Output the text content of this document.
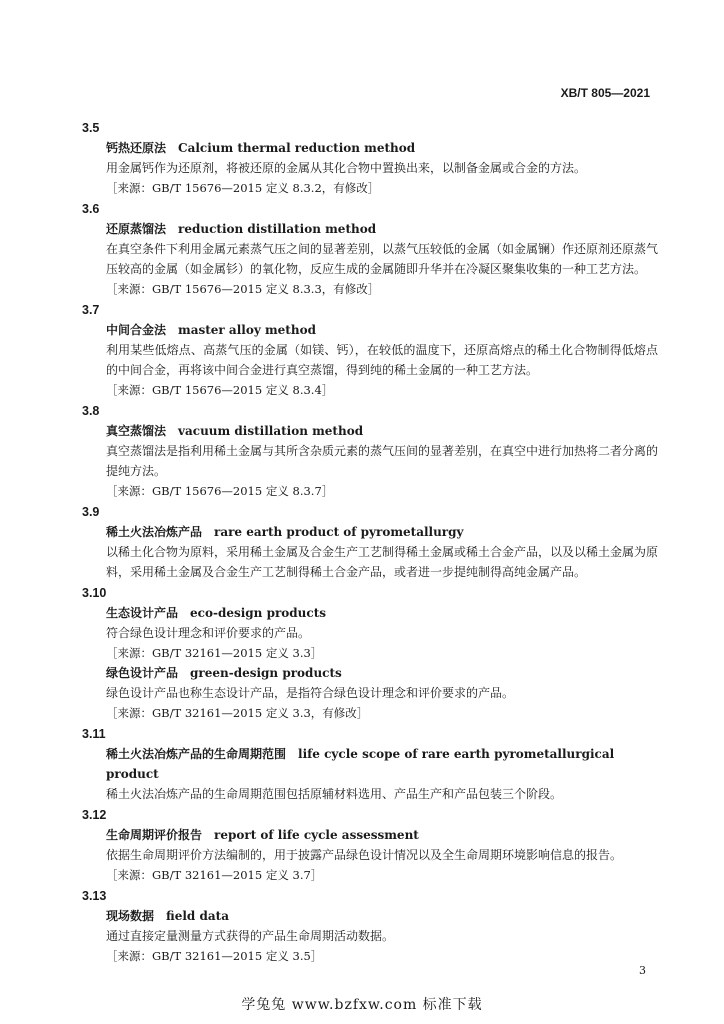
XB/T 805—2021
3.5
钙热还原法 Calcium thermal reduction method
用金属钙作为还原剂，将被还原的金属从其化合物中置换出来，以制备金属或合金的方法。
［来源：GB/T 15676—2015 定义 8.3.2，有修改］
3.6
还原蒸馏法 reduction distillation method
在真空条件下利用金属元素蒸气压之间的显著差别，以蒸气压较低的金属（如金属镧）作还原剂还原蒸气压较高的金属（如金属钐）的氧化物，反应生成的金属随即升华并在冷凝区聚集收集的一种工艺方法。
［来源：GB/T 15676—2015 定义 8.3.3，有修改］
3.7
中间合金法 master alloy method
利用某些低熔点、高蒸气压的金属（如镁、钙），在较低的温度下，还原高熔点的稀土化合物制得低熔点的中间合金，再将该中间合金进行真空蒸馏，得到纯的稀土金属的一种工艺方法。
［来源：GB/T 15676—2015 定义 8.3.4］
3.8
真空蒸馏法 vacuum distillation method
真空蒸馏法是指利用稀土金属与其所含杂质元素的蒸气压间的显著差别，在真空中进行加热将二者分离的提纯方法。
［来源：GB/T 15676—2015 定义 8.3.7］
3.9
稀土火法冶炼产品 rare earth product of pyrometallurgy
以稀土化合物为原料，采用稀土金属及合金生产工艺制得稀土金属或稀土合金产品，以及以稀土金属为原料，采用稀土金属及合金生产工艺制得稀土合金产品，或者进一步提纯制得高纯金属产品。
3.10
生态设计产品 eco-design products
符合绿色设计理念和评价要求的产品。
［来源：GB/T 32161—2015 定义 3.3］
绿色设计产品 green-design products
绿色设计产品也称生态设计产品，是指符合绿色设计理念和评价要求的产品。
［来源：GB/T 32161—2015 定义 3.3，有修改］
3.11
稀土火法冶炼产品的生命周期范围 life cycle scope of rare earth pyrometallurgical product
稀土火法冶炼产品的生命周期范围包括原辅材料选用、产品生产和产品包装三个阶段。
3.12
生命周期评价报告 report of life cycle assessment
依据生命周期评价方法编制的，用于披露产品绿色设计情况以及全生命周期环境影响信息的报告。
［来源：GB/T 32161—2015 定义 3.7］
3.13
现场数据 field data
通过直接定量测量方式获得的产品生命周期活动数据。
［来源：GB/T 32161—2015 定义 3.5］
3
学兔兔 www.bzfxw.com 标准下载
